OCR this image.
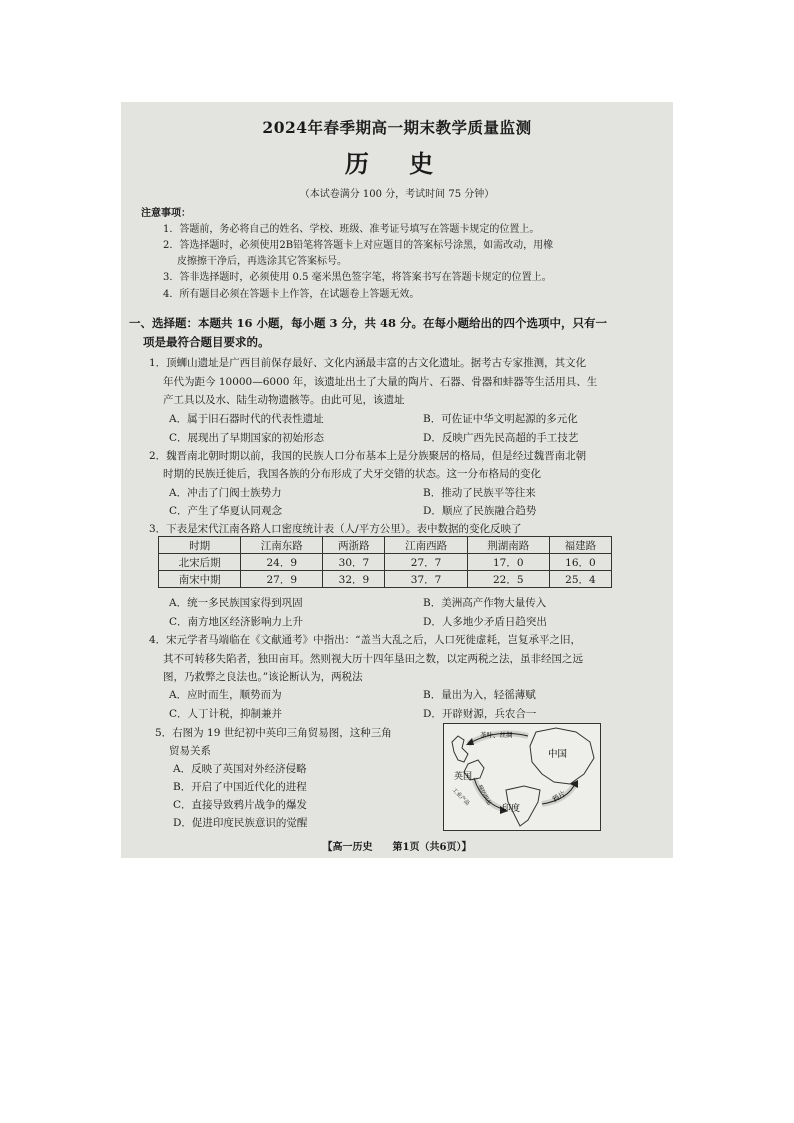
2024年春季期高一期末教学质量监测
历 史
（本试卷满分 100 分，考试时间 75 分钟）
注意事项：
1．答题前，务必将自己的姓名、学校、班级、准考证号填写在答题卡规定的位置上。
2．答选择题时，必须使用2B铅笔将答题卡上对应题目的答案标号涂黑，如需改动，用橡
皮擦擦干净后，再选涂其它答案标号。
3．答非选择题时，必须使用 0.5 毫米黑色签字笔，将答案书写在答题卡规定的位置上。
4．所有题目必须在答题卡上作答，在试题卷上答题无效。
一、选择题：本题共 16 小题，每小题 3 分，共 48 分。在每小题给出的四个选项中，只有一
项是最符合题目要求的。
1．顶蛳山遗址是广西目前保存最好、文化内涵最丰富的古文化遗址。据考古专家推测，其文化
年代为距今 10000—6000 年，该遗址出土了大量的陶片、石器、骨器和蚌器等生活用具、生
产工具以及水、陆生动物遗骸等。由此可见，该遗址
A．属于旧石器时代的代表性遗址	B．可佐证中华文明起源的多元化
C．展现出了早期国家的初始形态	D．反映广西先民高超的手工技艺
2．魏晋南北朝时期以前，我国的民族人口分布基本上是分族聚居的格局，但是经过魏晋南北朝
时期的民族迁徙后，我国各族的分布形成了犬牙交错的状态。这一分布格局的变化
A．冲击了门阀士族势力	B．推动了民族平等往来
C．产生了华夏认同观念	D．顺应了民族融合趋势
3．下表是宋代江南各路人口密度统计表（人/平方公里）。表中数据的变化反映了
时期	江南东路	两浙路	江南西路	荆湖南路	福建路
北宋后期	24．9	30．7	27．7	17．0	16．0
南宋中期	27．9	32．9	37．7	22．5	25．4
A．统一多民族国家得到巩固	B．美洲高产作物大量传入
C．南方地区经济影响力上升	D．人多地少矛盾日趋突出
4．宋元学者马端临在《文献通考》中指出：“盖当大乱之后，人口死徙虚耗，岂复承平之旧，
其不可转移失陷者，独田亩耳。然则视大历十四年垦田之数，以定两税之法，虽非经国之远
图，乃救弊之良法也。”该论断认为，两税法
A．应时而生，顺势而为	B．量出为入，轻徭薄赋
C．人丁计税，抑制兼并	D．开辟财源，兵农合一
5．右图为 19 世纪初中英印三角贸易图，这种三角
贸易关系
A．反映了英国对外经济侵略
B．开启了中国近代化的进程
C．直接导致鸦片战争的爆发
D．促进印度民族意识的觉醒
中国
英国
印度
茶叶、丝绸
棉纺织品
工业产品	鸦片
【高一历史　　第1页（共6页）】
